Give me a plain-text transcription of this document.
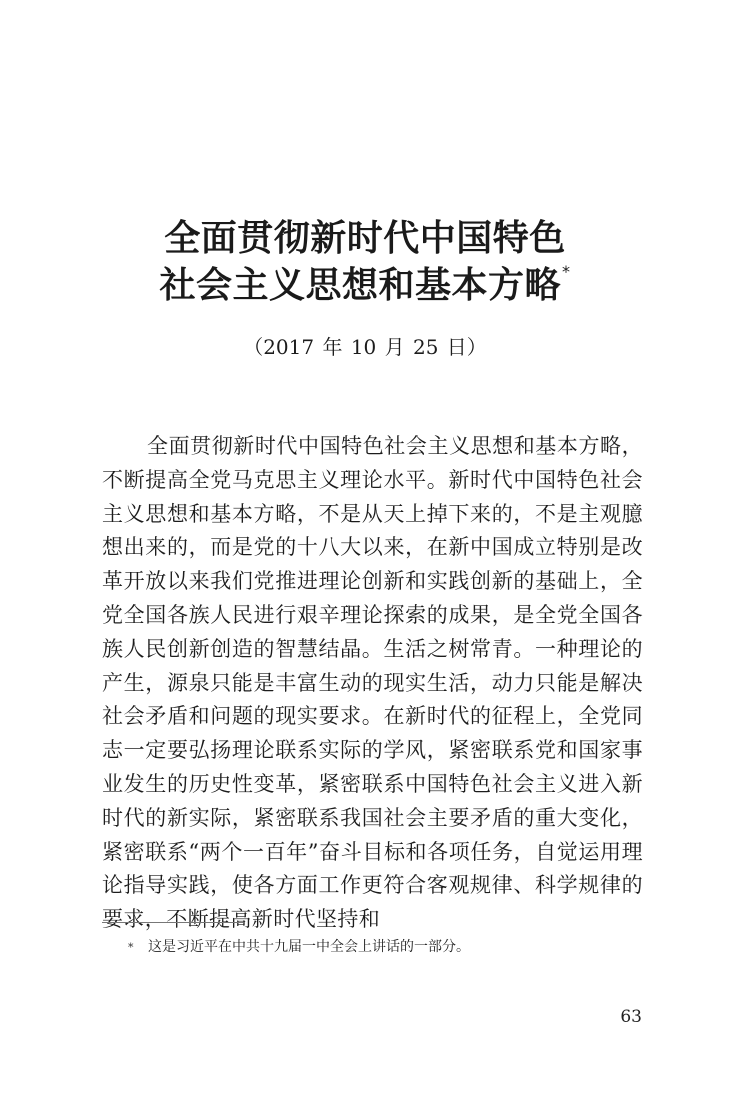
全面贯彻新时代中国特色
社会主义思想和基本方略*
（2017 年 10 月 25 日）

全面贯彻新时代中国特色社会主义思想和基本方略，不断提高全党马克思主义理论水平。新时代中国特色社会主义思想和基本方略，不是从天上掉下来的，不是主观臆想出来的，而是党的十八大以来，在新中国成立特别是改革开放以来我们党推进理论创新和实践创新的基础上，全党全国各族人民进行艰辛理论探索的成果，是全党全国各族人民创新创造的智慧结晶。生活之树常青。一种理论的产生，源泉只能是丰富生动的现实生活，动力只能是解决社会矛盾和问题的现实要求。在新时代的征程上，全党同志一定要弘扬理论联系实际的学风，紧密联系党和国家事业发生的历史性变革，紧密联系中国特色社会主义进入新时代的新实际，紧密联系我国社会主要矛盾的重大变化，紧密联系“两个一百年”奋斗目标和各项任务，自觉运用理论指导实践，使各方面工作更符合客观规律、科学规律的要求，不断提高新时代坚持和

* 这是习近平在中共十九届一中全会上讲话的一部分。
63
